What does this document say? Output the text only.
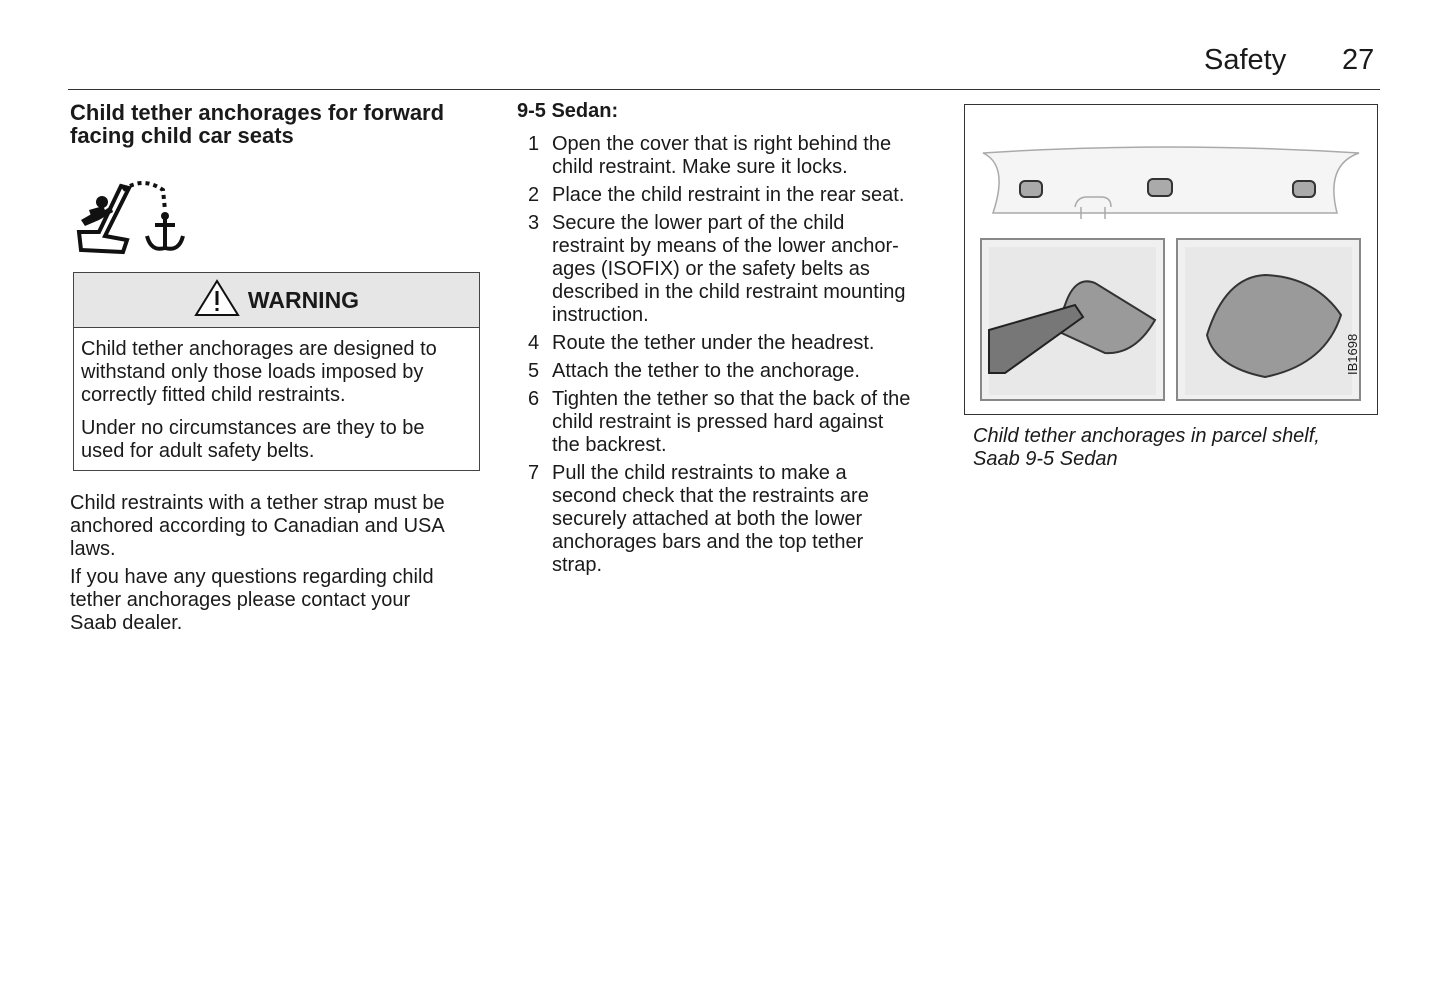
Safety 27
Child tether anchorages for forward
facing child car seats
WARNING
Child tether anchorages are designed to
withstand only those loads imposed by
correctly fitted child restraints.
Under no circumstances are they to be
used for adult safety belts.
Child restraints with a tether strap must be
anchored according to Canadian and USA
laws.
If you have any questions regarding child
tether anchorages please contact your
Saab dealer.
9-5 Sedan:
1 Open the cover that is right behind the
child restraint. Make sure it locks.
2 Place the child restraint in the rear seat.
3 Secure the lower part of the child
restraint by means of the lower anchor-
ages (ISOFIX) or the safety belts as
described in the child restraint mounting
instruction.
4 Route the tether under the headrest.
5 Attach the tether to the anchorage.
6 Tighten the tether so that the back of the
child restraint is pressed hard against
the backrest.
7 Pull the child restraints to make a
second check that the restraints are
securely attached at both the lower
anchorages bars and the top tether
strap.
IB1698
Child tether anchorages in parcel shelf,
Saab 9-5 Sedan
